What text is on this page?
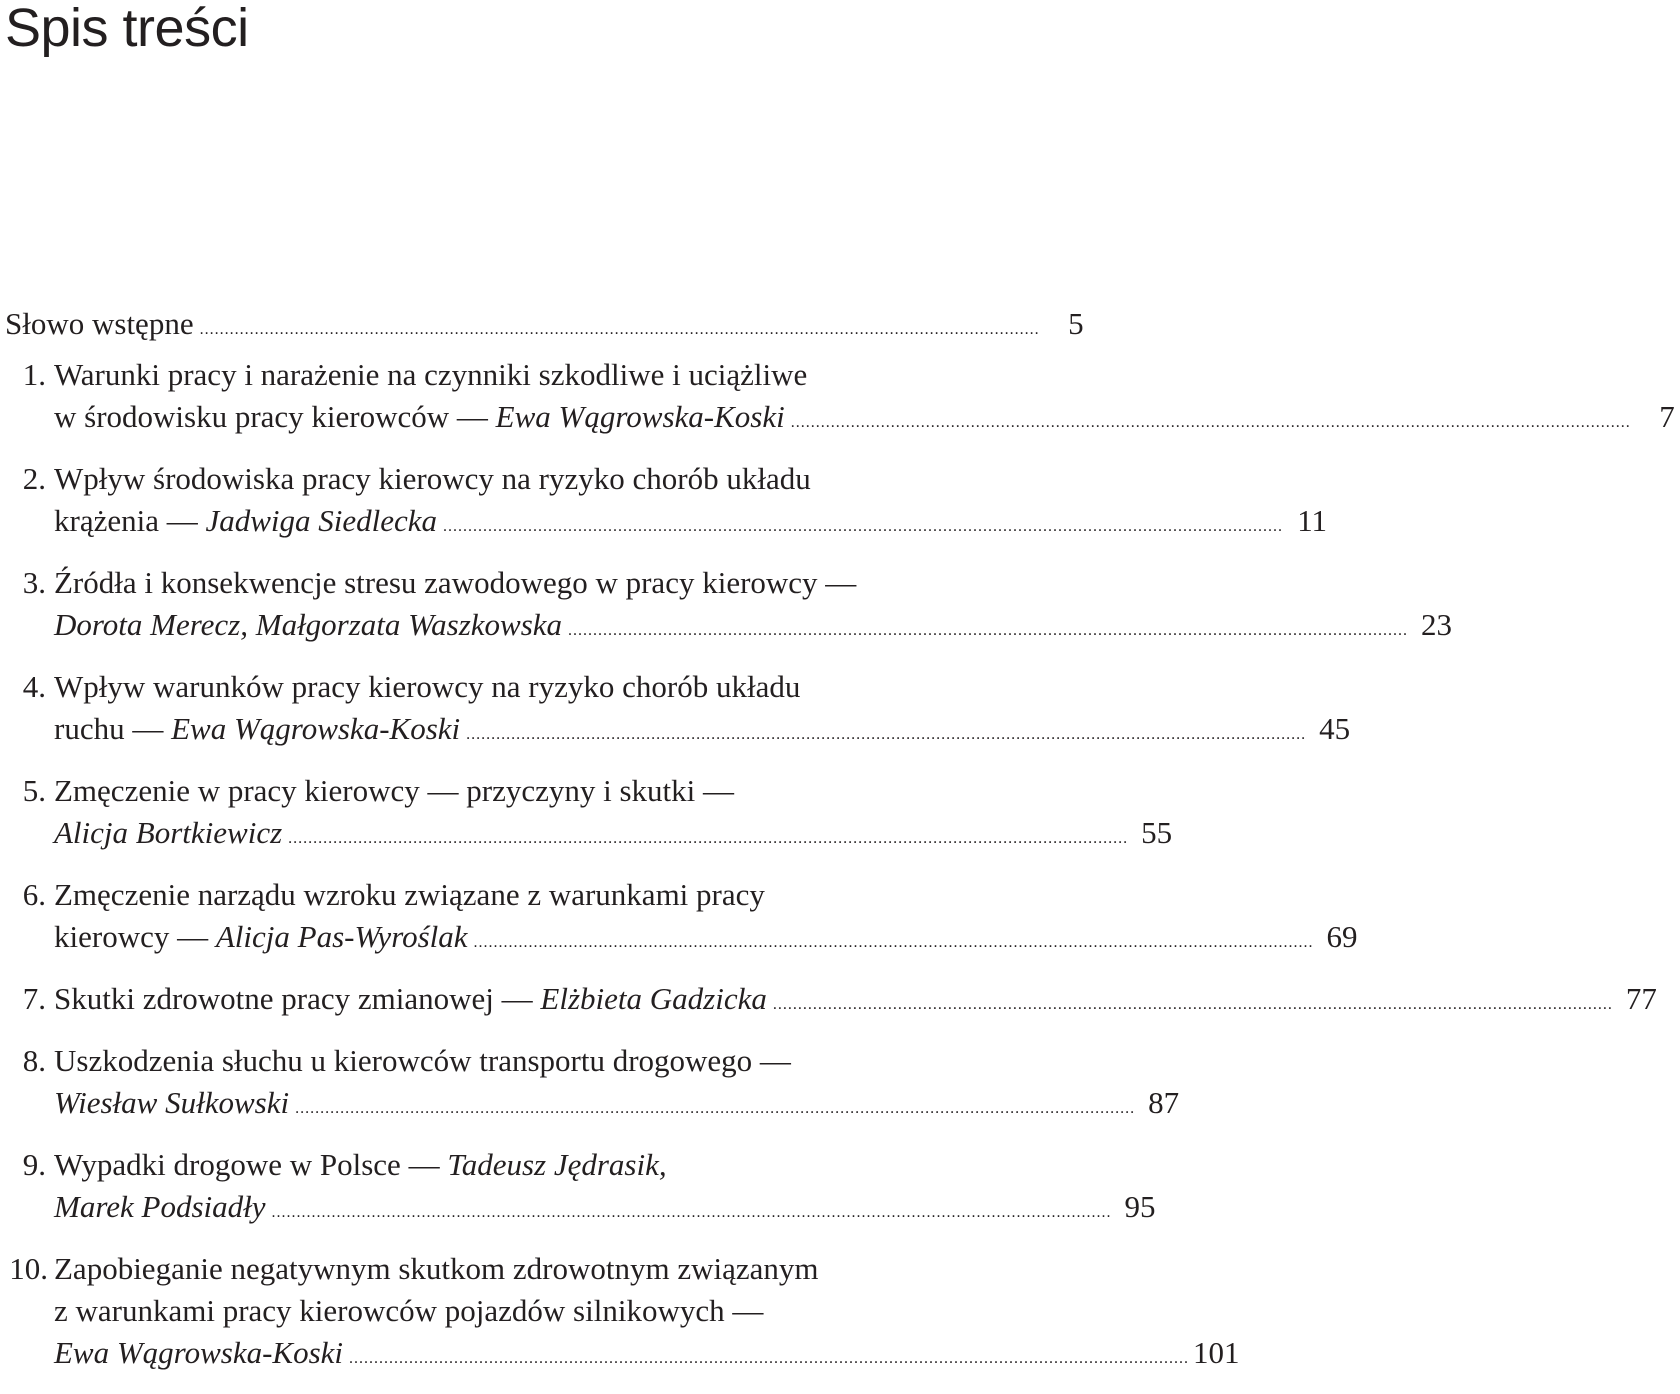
Spis treści
Słowo wstępne ........................................................................................................................................................................ 5
1. Warunki pracy i narażenie na czynniki szkodliwe i uciążliwe
w środowisku pracy kierowców — Ewa Wągrowska-Koski ........................................................................................................................................................................ 7
2. Wpływ środowiska pracy kierowcy na ryzyko chorób układu
krążenia — Jadwiga Siedlecka ........................................................................................................................................................................ 11
3. Źródła i konsekwencje stresu zawodowego w pracy kierowcy —
Dorota Merecz, Małgorzata Waszkowska ........................................................................................................................................................................ 23
4. Wpływ warunków pracy kierowcy na ryzyko chorób układu
ruchu — Ewa Wągrowska-Koski ........................................................................................................................................................................ 45
5. Zmęczenie w pracy kierowcy — przyczyny i skutki —
Alicja Bortkiewicz ........................................................................................................................................................................ 55
6. Zmęczenie narządu wzroku związane z warunkami pracy
kierowcy — Alicja Pas-Wyroślak ........................................................................................................................................................................ 69
7. Skutki zdrowotne pracy zmianowej — Elżbieta Gadzicka ........................................................................................................................................................................ 77
8. Uszkodzenia słuchu u kierowców transportu drogowego —
Wiesław Sułkowski ........................................................................................................................................................................ 87
9. Wypadki drogowe w Polsce — Tadeusz Jędrasik,
Marek Podsiadły ........................................................................................................................................................................ 95
10. Zapobieganie negatywnym skutkom zdrowotnym związanym
z warunkami pracy kierowców pojazdów silnikowych —
Ewa Wągrowska-Koski ........................................................................................................................................................................ 101
